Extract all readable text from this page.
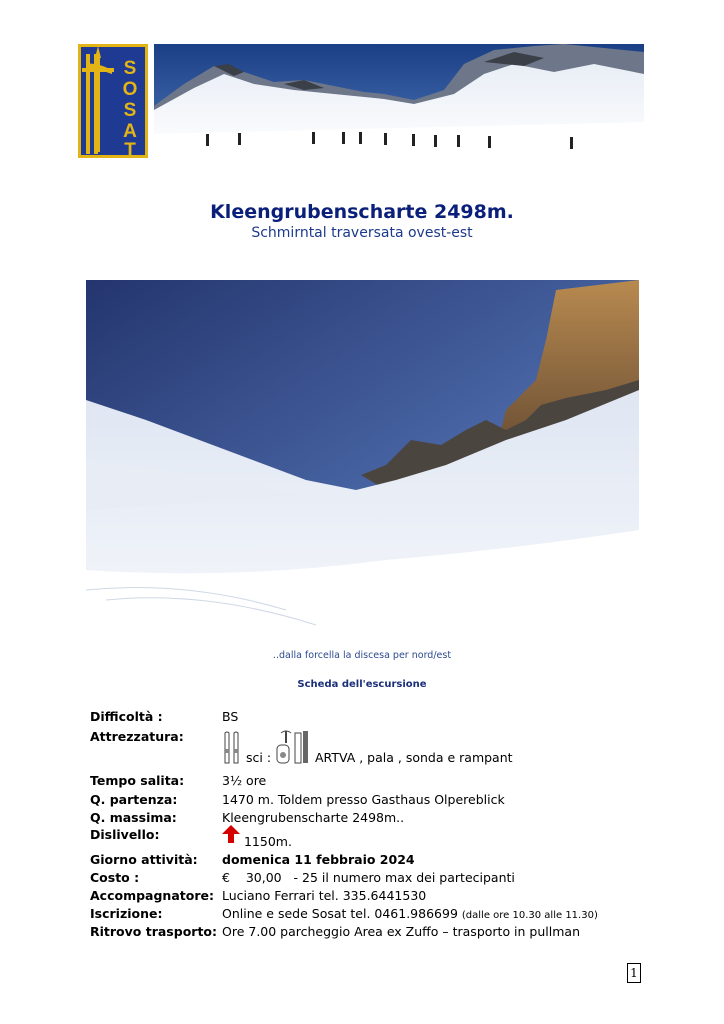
S
O
S
A
T
Kleengrubenscharte 2498m.
Schmirntal traversata ovest-est
..dalla forcella la discesa per nord/est
Scheda dell'escursione
Difficoltà :	BS
Attrezzatura:
sci :	ARTVA , pala , sonda e rampant
Tempo salita:	3½ ore
Q. partenza:	1470 m. Toldem presso Gasthaus Olpereblick
Q. massima:	Kleengrubenscharte 2498m..
Dislivello:	1150m.
Giorno attività: domenica 11 febbraio 2024
Costo :	€    30,00   - 25 il numero max dei partecipanti
Accompagnatore: Luciano Ferrari tel. 335.6441530
Iscrizione:	Online e sede Sosat tel. 0461.986699 (dalle ore 10.30 alle 11.30)
Ritrovo trasporto: Ore 7.00 parcheggio Area ex Zuffo – trasporto in pullman
1
